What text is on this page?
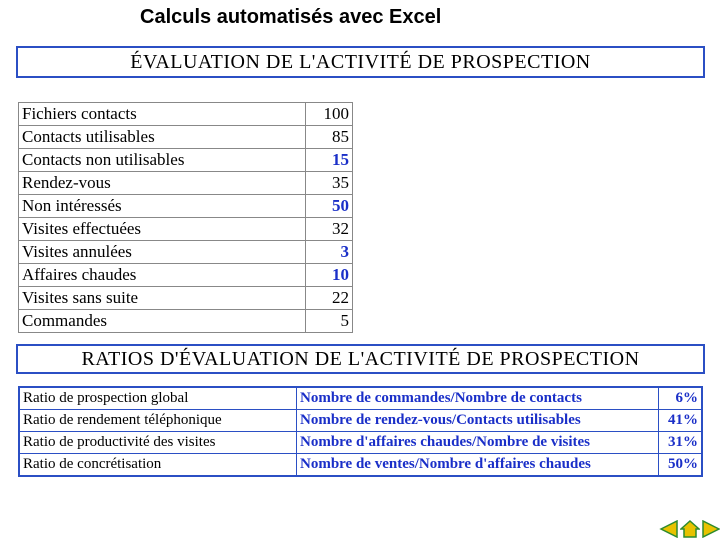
Calculs automatisés avec Excel
ÉVALUATION DE L'ACTIVITÉ DE PROSPECTION
Fichiers contacts	100
Contacts utilisables	85
Contacts non utilisables	15
Rendez-vous	35
Non intéressés	50
Visites effectuées	32
Visites annulées	3
Affaires chaudes	10
Visites sans suite	22
Commandes	5
RATIOS D'ÉVALUATION DE L'ACTIVITÉ DE PROSPECTION
Ratio de prospection global	Nombre de commandes/Nombre de contacts	6%
Ratio de rendement téléphonique	Nombre de rendez-vous/Contacts utilisables	41%
Ratio de productivité des visites	Nombre d'affaires chaudes/Nombre de visites	31%
Ratio de concrétisation	Nombre de ventes/Nombre d'affaires chaudes	50%
